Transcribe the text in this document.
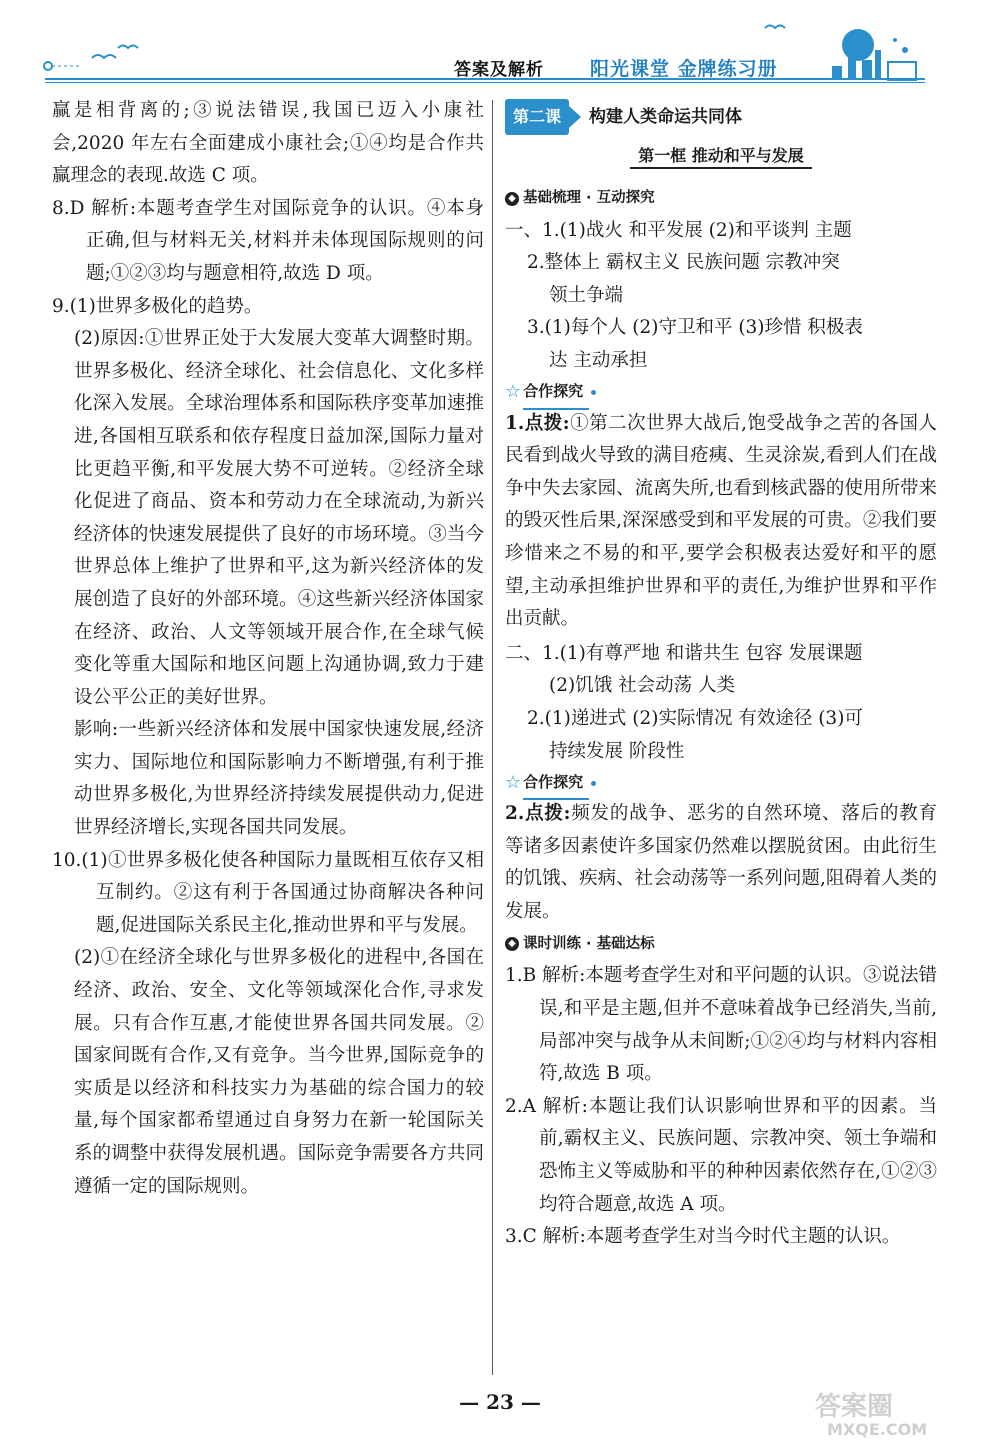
答案及解析 阳光课堂 金牌练习册
赢是相背离的;③说法错误,我国已迈入小康社会,2020 年左右全面建成小康社会;①④均是合作共赢理念的表现.故选 C 项。
8.D 解析:本题考查学生对国际竞争的认识。④本身正确,但与材料无关,材料并未体现国际规则的问题;①②③均与题意相符,故选 D 项。
9.(1)世界多极化的趋势。
(2)原因:①世界正处于大发展大变革大调整时期。世界多极化、经济全球化、社会信息化、文化多样化深入发展。全球治理体系和国际秩序变革加速推进,各国相互联系和依存程度日益加深,国际力量对比更趋平衡,和平发展大势不可逆转。②经济全球化促进了商品、资本和劳动力在全球流动,为新兴经济体的快速发展提供了良好的市场环境。③当今世界总体上维护了世界和平,这为新兴经济体的发展创造了良好的外部环境。④这些新兴经济体国家在经济、政治、人文等领域开展合作,在全球气候变化等重大国际和地区问题上沟通协调,致力于建设公平公正的美好世界。
影响:一些新兴经济体和发展中国家快速发展,经济实力、国际地位和国际影响力不断增强,有利于推动世界多极化,为世界经济持续发展提供动力,促进世界经济增长,实现各国共同发展。
10.(1)①世界多极化使各种国际力量既相互依存又相互制约。②这有利于各国通过协商解决各种问题,促进国际关系民主化,推动世界和平与发展。
(2)①在经济全球化与世界多极化的进程中,各国在经济、政治、安全、文化等领域深化合作,寻求发展。只有合作互惠,才能使世界各国共同发展。②国家间既有合作,又有竞争。当今世界,国际竞争的实质是以经济和科技实力为基础的综合国力的较量,每个国家都希望通过自身努力在新一轮国际关系的调整中获得发展机遇。国际竞争需要各方共同遵循一定的国际规则。
第二课	构建人类命运共同体
第一框 推动和平与发展
◆ 基础梳理 · 互动探究
一、1.(1)战火 和平发展 (2)和平谈判 主题
2.整体上 霸权主义 民族问题 宗教冲突
领土争端
3.(1)每个人 (2)守卫和平 (3)珍惜 积极表
达 主动承担
☆ 合作探究
1.点拨:①第二次世界大战后,饱受战争之苦的各国人民看到战火导致的满目疮痍、生灵涂炭,看到人们在战争中失去家园、流离失所,也看到核武器的使用所带来的毁灭性后果,深深感受到和平发展的可贵。②我们要珍惜来之不易的和平,要学会积极表达爱好和平的愿望,主动承担维护世界和平的责任,为维护世界和平作出贡献。
二、1.(1)有尊严地 和谐共生 包容 发展课题
(2)饥饿 社会动荡 人类
2.(1)递进式 (2)实际情况 有效途径 (3)可
持续发展 阶段性
☆ 合作探究
2.点拨:频发的战争、恶劣的自然环境、落后的教育等诸多因素使许多国家仍然难以摆脱贫困。由此衍生的饥饿、疾病、社会动荡等一系列问题,阻碍着人类的发展。
◆ 课时训练 · 基础达标
1.B 解析:本题考查学生对和平问题的认识。③说法错误,和平是主题,但并不意味着战争已经消失,当前,局部冲突与战争从未间断;①②④均与材料内容相符,故选 B 项。
2.A 解析:本题让我们认识影响世界和平的因素。当前,霸权主义、民族问题、宗教冲突、领土争端和恐怖主义等威胁和平的种种因素依然存在,①②③均符合题意,故选 A 项。
3.C 解析:本题考查学生对当今时代主题的认识。
— 23 —	答案圈
MXQE.COM
